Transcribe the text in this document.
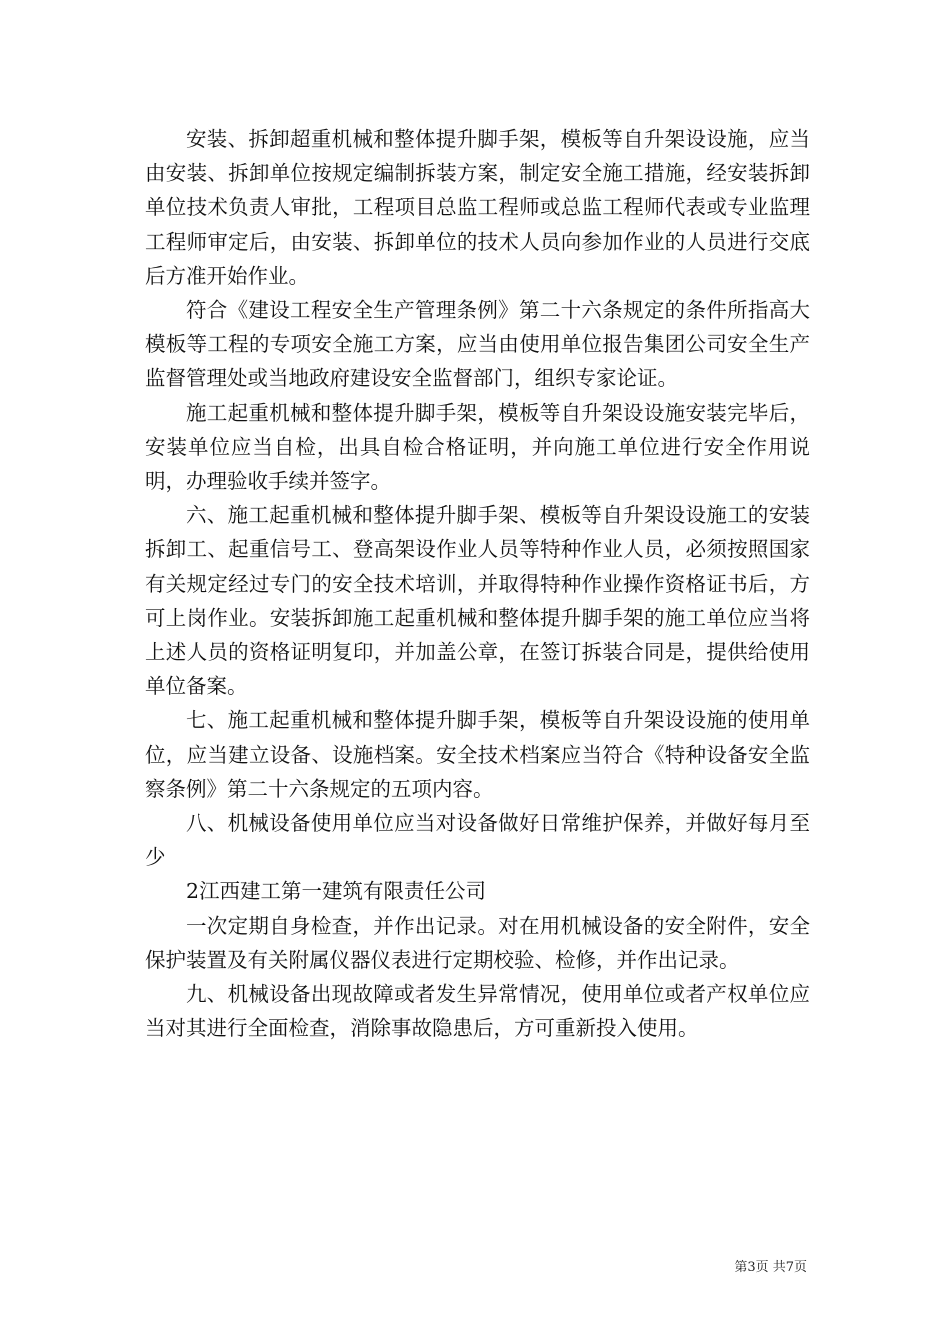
安装、拆卸超重机械和整体提升脚手架，模板等自升架设设施，应当由安装、拆卸单位按规定编制拆装方案，制定安全施工措施，经安装拆卸单位技术负责人审批，工程项目总监工程师或总监工程师代表或专业监理工程师审定后，由安装、拆卸单位的技术人员向参加作业的人员进行交底后方准开始作业。

符合《建设工程安全生产管理条例》第二十六条规定的条件所指高大模板等工程的专项安全施工方案，应当由使用单位报告集团公司安全生产监督管理处或当地政府建设安全监督部门，组织专家论证。

施工起重机械和整体提升脚手架，模板等自升架设设施安装完毕后，安装单位应当自检，出具自检合格证明，并向施工单位进行安全作用说明，办理验收手续并签字。

六、施工起重机械和整体提升脚手架、模板等自升架设设施工的安装拆卸工、起重信号工、登高架设作业人员等特种作业人员，必须按照国家有关规定经过专门的安全技术培训，并取得特种作业操作资格证书后，方可上岗作业。安装拆卸施工起重机械和整体提升脚手架的施工单位应当将上述人员的资格证明复印，并加盖公章，在签订拆装合同是，提供给使用单位备案。

七、施工起重机械和整体提升脚手架，模板等自升架设设施的使用单位，应当建立设备、设施档案。安全技术档案应当符合《特种设备安全监察条例》第二十六条规定的五项内容。

八、机械设备使用单位应当对设备做好日常维护保养，并做好每月至少

2江西建工第一建筑有限责任公司

一次定期自身检查，并作出记录。对在用机械设备的安全附件，安全保护装置及有关附属仪器仪表进行定期校验、检修，并作出记录。

九、机械设备出现故障或者发生异常情况，使用单位或者产权单位应当对其进行全面检查，消除事故隐患后，方可重新投入使用。

第3页 共7页
